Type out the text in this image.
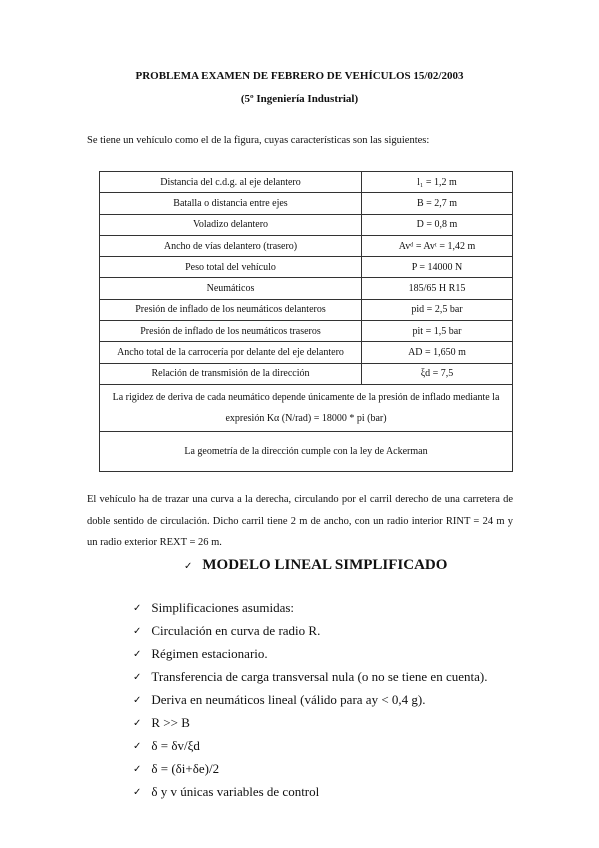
PROBLEMA EXAMEN DE FEBRERO DE VEHÍCULOS 15/02/2003
(5º Ingeniería Industrial)
Se tiene un vehículo como el de la figura, cuyas características son las siguientes:
Distancia del c.d.g. al eje delantero	l₁ = 1,2 m
Batalla o distancia entre ejes	B = 2,7 m
Voladizo delantero	D = 0,8 m
Ancho de vías delantero (trasero)	Avᵈ = Avᵗ = 1,42 m
Peso total del vehículo	P = 14000 N
Neumáticos	185/65 H R15
Presión de inflado de los neumáticos delanteros	pid = 2,5 bar
Presión de inflado de los neumáticos traseros	pit = 1,5 bar
Ancho total de la carrocería por delante del eje delantero	AD = 1,650 m
Relación de transmisión de la dirección	ξd = 7,5
La rigidez de deriva de cada neumático depende únicamente de la presión de inflado mediante la expresión Kα (N/rad) = 18000 * pi (bar)	
La geometría de la dirección cumple con la ley de Ackerman	
El vehículo ha de trazar una curva a la derecha, circulando por el carril derecho de una carretera de doble sentido de circulación. Dicho carril tiene 2 m de ancho, con un radio interior RINT = 24 m y un radio exterior REXT = 26 m.
✓ MODELO LINEAL SIMPLIFICADO
✓ Simplificaciones asumidas:
✓ Circulación en curva de radio R.
✓ Régimen estacionario.
✓ Transferencia de carga transversal nula (o no se tiene en cuenta).
✓ Deriva en neumáticos lineal (válido para ay < 0,4 g).
✓ R >> B
✓ δ = δv/ξd
✓ δ = (δi+δe)/2
✓ δ y v únicas variables de control
